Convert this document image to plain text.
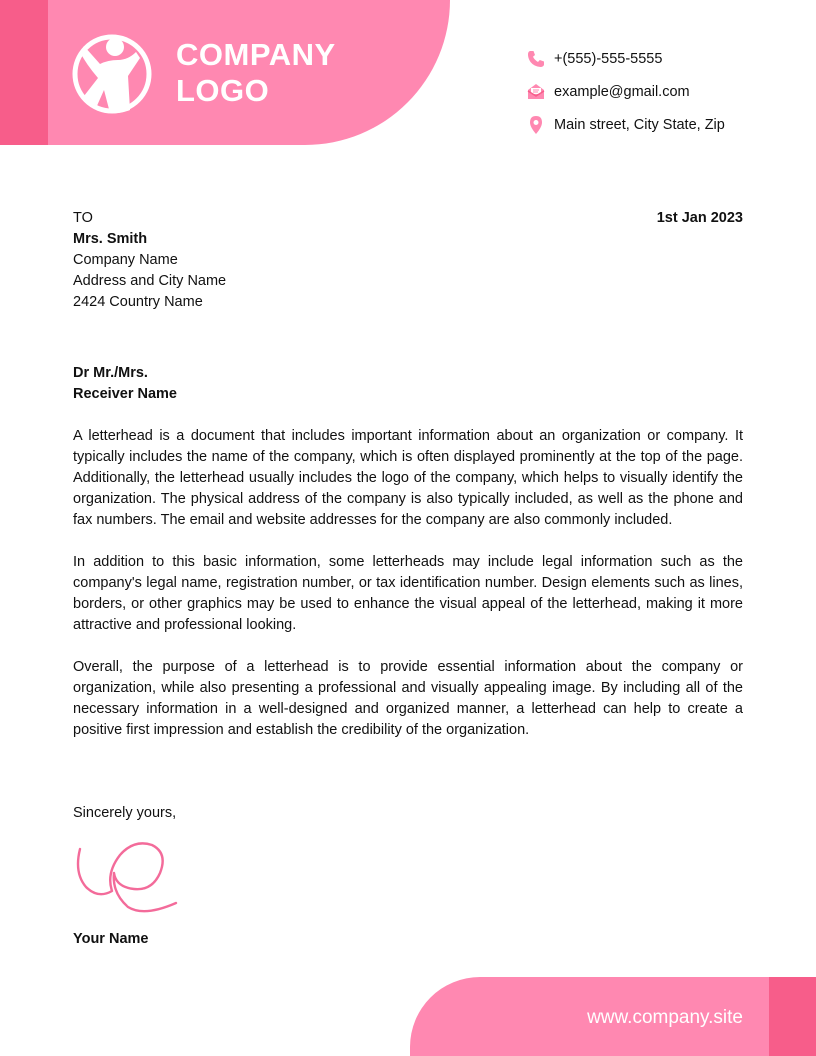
COMPANY
LOGO
+(555)-555-5555
example@gmail.com
Main street, City State, Zip
TO
Mrs. Smith
Company Name
Address and City Name
2424 Country Name
1st Jan 2023
Dr Mr./Mrs.
Receiver Name

A letterhead is a document that includes important information about an organization or company. It typically includes the name of the company, which is often displayed prominently at the top of the page. Additionally, the letterhead usually includes the logo of the company, which helps to visually identify the organization. The physical address of the company is also typically included, as well as the phone and fax numbers. The email and website addresses for the company are also commonly included.

In addition to this basic information, some letterheads may include legal information such as the company's legal name, registration number, or tax identification number. Design elements such as lines, borders, or other graphics may be used to enhance the visual appeal of the letterhead, making it more attractive and professional looking.

Overall, the purpose of a letterhead is to provide essential information about the company or organization, while also presenting a professional and visually appealing image. By including all of the necessary information in a well-designed and organized manner, a letterhead can help to create a positive first impression and establish the credibility of the organization.

Sincerely yours,
Your Name
www.company.site
